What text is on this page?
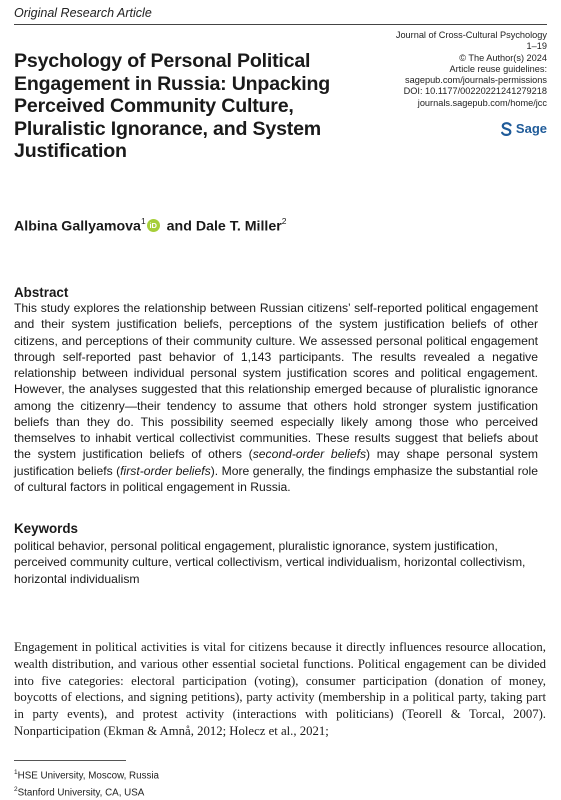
Original Research Article
Psychology of Personal Political Engagement in Russia: Unpacking Perceived Community Culture, Pluralistic Ignorance, and System Justification
Journal of Cross-Cultural Psychology
1–19
© The Author(s) 2024
Article reuse guidelines:
sagepub.com/journals-permissions
DOI: 10.1177/00220221241279218
journals.sagepub.com/home/jcc
Sage
Albina Gallyamova$^1$ iD and Dale T. Miller$^2$
Abstract

This study explores the relationship between Russian citizens’ self-reported political engagement and their system justification beliefs, perceptions of the system justification beliefs of other citizens, and perceptions of their community culture. We assessed personal political engagement through self-reported past behavior of 1,143 participants. The results revealed a negative relationship between individual personal system justification scores and political engagement. However, the analyses suggested that this relationship emerged because of pluralistic ignorance among the citizenry—their tendency to assume that others hold stronger system justification beliefs than they do. This possibility seemed especially likely among those who perceived themselves to inhabit vertical collectivist communities. These results suggest that beliefs about the system justification beliefs of others (second-order beliefs) may shape personal system justification beliefs (first-order beliefs). More generally, the findings emphasize the substantial role of cultural factors in political engagement in Russia.

Keywords

political behavior, personal political engagement, pluralistic ignorance, system justification, perceived community culture, vertical collectivism, vertical individualism, horizontal collectivism, horizontal individualism

Engagement in political activities is vital for citizens because it directly influences resource allocation, wealth distribution, and various other essential societal functions. Political engagement can be divided into five categories: electoral participation (voting), consumer participation (donation of money, boycotts of elections, and signing petitions), party activity (membership in a political party, taking part in party events), and protest activity (interactions with politicians) (Teorell & Torcal, 2007). Nonparticipation (Ekman & Amnå, 2012; Holecz et al., 2021;

$^1$HSE University, Moscow, Russia
$^2$Stanford University, CA, USA
